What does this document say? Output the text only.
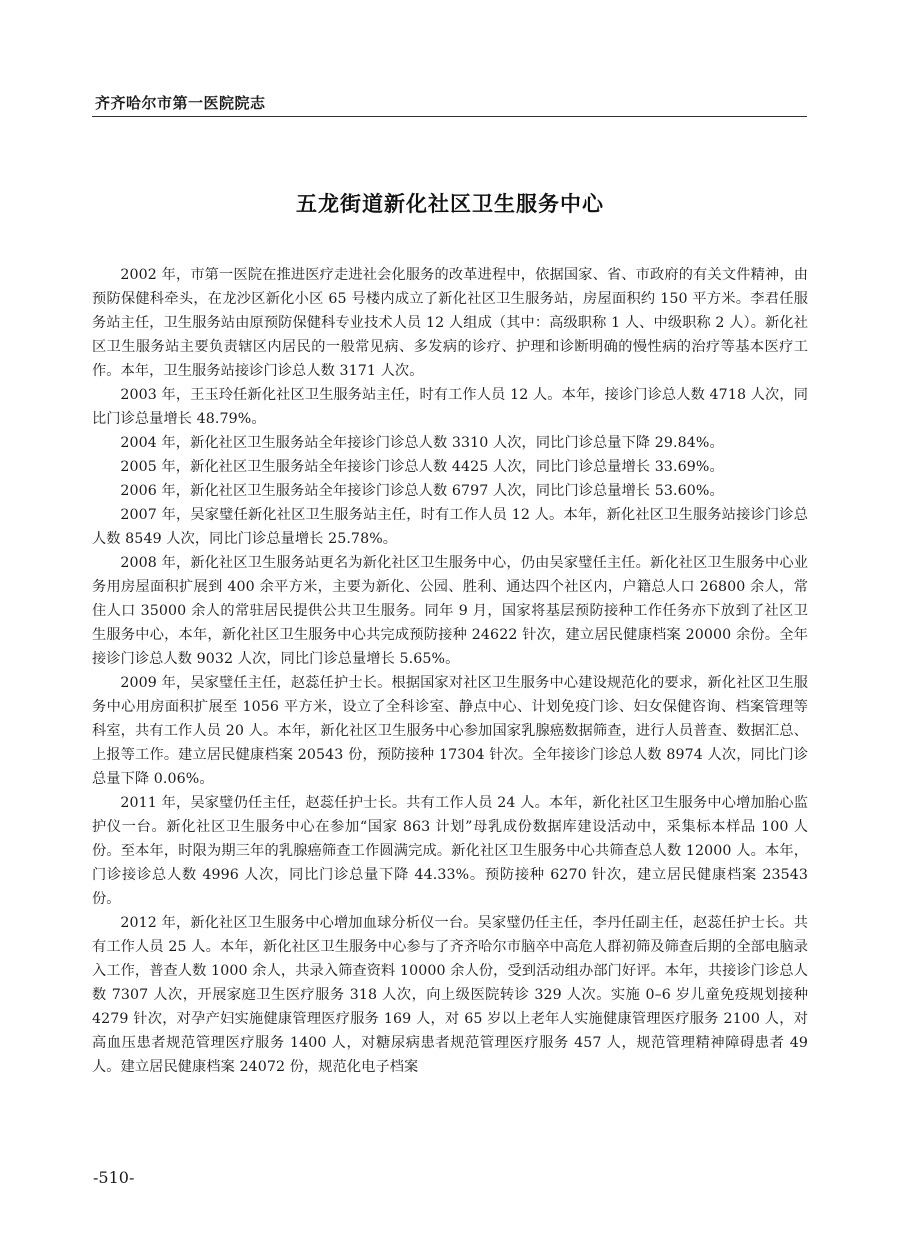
齐齐哈尔市第一医院院志
五龙街道新化社区卫生服务中心

2002 年，市第一医院在推进医疗走进社会化服务的改革进程中，依据国家、省、市政府的有关文件精神，由预防保健科牵头，在龙沙区新化小区 65 号楼内成立了新化社区卫生服务站，房屋面积约 150 平方米。李君任服务站主任，卫生服务站由原预防保健科专业技术人员 12 人组成（其中：高级职称 1 人、中级职称 2 人）。新化社区卫生服务站主要负责辖区内居民的一般常见病、多发病的诊疗、护理和诊断明确的慢性病的治疗等基本医疗工作。本年，卫生服务站接诊门诊总人数 3171 人次。

2003 年，王玉玲任新化社区卫生服务站主任，时有工作人员 12 人。本年，接诊门诊总人数 4718 人次，同比门诊总量增长 48.79%。

2004 年，新化社区卫生服务站全年接诊门诊总人数 3310 人次，同比门诊总量下降 29.84%。

2005 年，新化社区卫生服务站全年接诊门诊总人数 4425 人次，同比门诊总量增长 33.69%。

2006 年，新化社区卫生服务站全年接诊门诊总人数 6797 人次，同比门诊总量增长 53.60%。

2007 年，吴家璧任新化社区卫生服务站主任，时有工作人员 12 人。本年，新化社区卫生服务站接诊门诊总人数 8549 人次，同比门诊总量增长 25.78%。

2008 年，新化社区卫生服务站更名为新化社区卫生服务中心，仍由吴家璧任主任。新化社区卫生服务中心业务用房屋面积扩展到 400 余平方米，主要为新化、公园、胜利、通达四个社区内，户籍总人口 26800 余人，常住人口 35000 余人的常驻居民提供公共卫生服务。同年 9 月，国家将基层预防接种工作任务亦下放到了社区卫生服务中心，本年，新化社区卫生服务中心共完成预防接种 24622 针次，建立居民健康档案 20000 余份。全年接诊门诊总人数 9032 人次，同比门诊总量增长 5.65%。

2009 年，吴家璧任主任，赵蕊任护士长。根据国家对社区卫生服务中心建设规范化的要求，新化社区卫生服务中心用房面积扩展至 1056 平方米，设立了全科诊室、静点中心、计划免疫门诊、妇女保健咨询、档案管理等科室，共有工作人员 20 人。本年，新化社区卫生服务中心参加国家乳腺癌数据筛查，进行人员普查、数据汇总、上报等工作。建立居民健康档案 20543 份，预防接种 17304 针次。全年接诊门诊总人数 8974 人次，同比门诊总量下降 0.06%。

2011 年，吴家璧仍任主任，赵蕊任护士长。共有工作人员 24 人。本年，新化社区卫生服务中心增加胎心监护仪一台。新化社区卫生服务中心在参加“国家 863 计划”母乳成份数据库建设活动中，采集标本样品 100 人份。至本年，时限为期三年的乳腺癌筛查工作圆满完成。新化社区卫生服务中心共筛查总人数 12000 人。本年，门诊接诊总人数 4996 人次，同比门诊总量下降 44.33%。预防接种 6270 针次，建立居民健康档案 23543 份。

2012 年，新化社区卫生服务中心增加血球分析仪一台。吴家璧仍任主任，李丹任副主任，赵蕊任护士长。共有工作人员 25 人。本年，新化社区卫生服务中心参与了齐齐哈尔市脑卒中高危人群初筛及筛查后期的全部电脑录入工作，普查人数 1000 余人，共录入筛查资料 10000 余人份，受到活动组办部门好评。本年，共接诊门诊总人数 7307 人次，开展家庭卫生医疗服务 318 人次，向上级医院转诊 329 人次。实施 0–6 岁儿童免疫规划接种 4279 针次，对孕产妇实施健康管理医疗服务 169 人，对 65 岁以上老年人实施健康管理医疗服务 2100 人，对高血压患者规范管理医疗服务 1400 人，对糖尿病患者规范管理医疗服务 457 人，规范管理精神障碍患者 49 人。建立居民健康档案 24072 份，规范化电子档案

-510-
